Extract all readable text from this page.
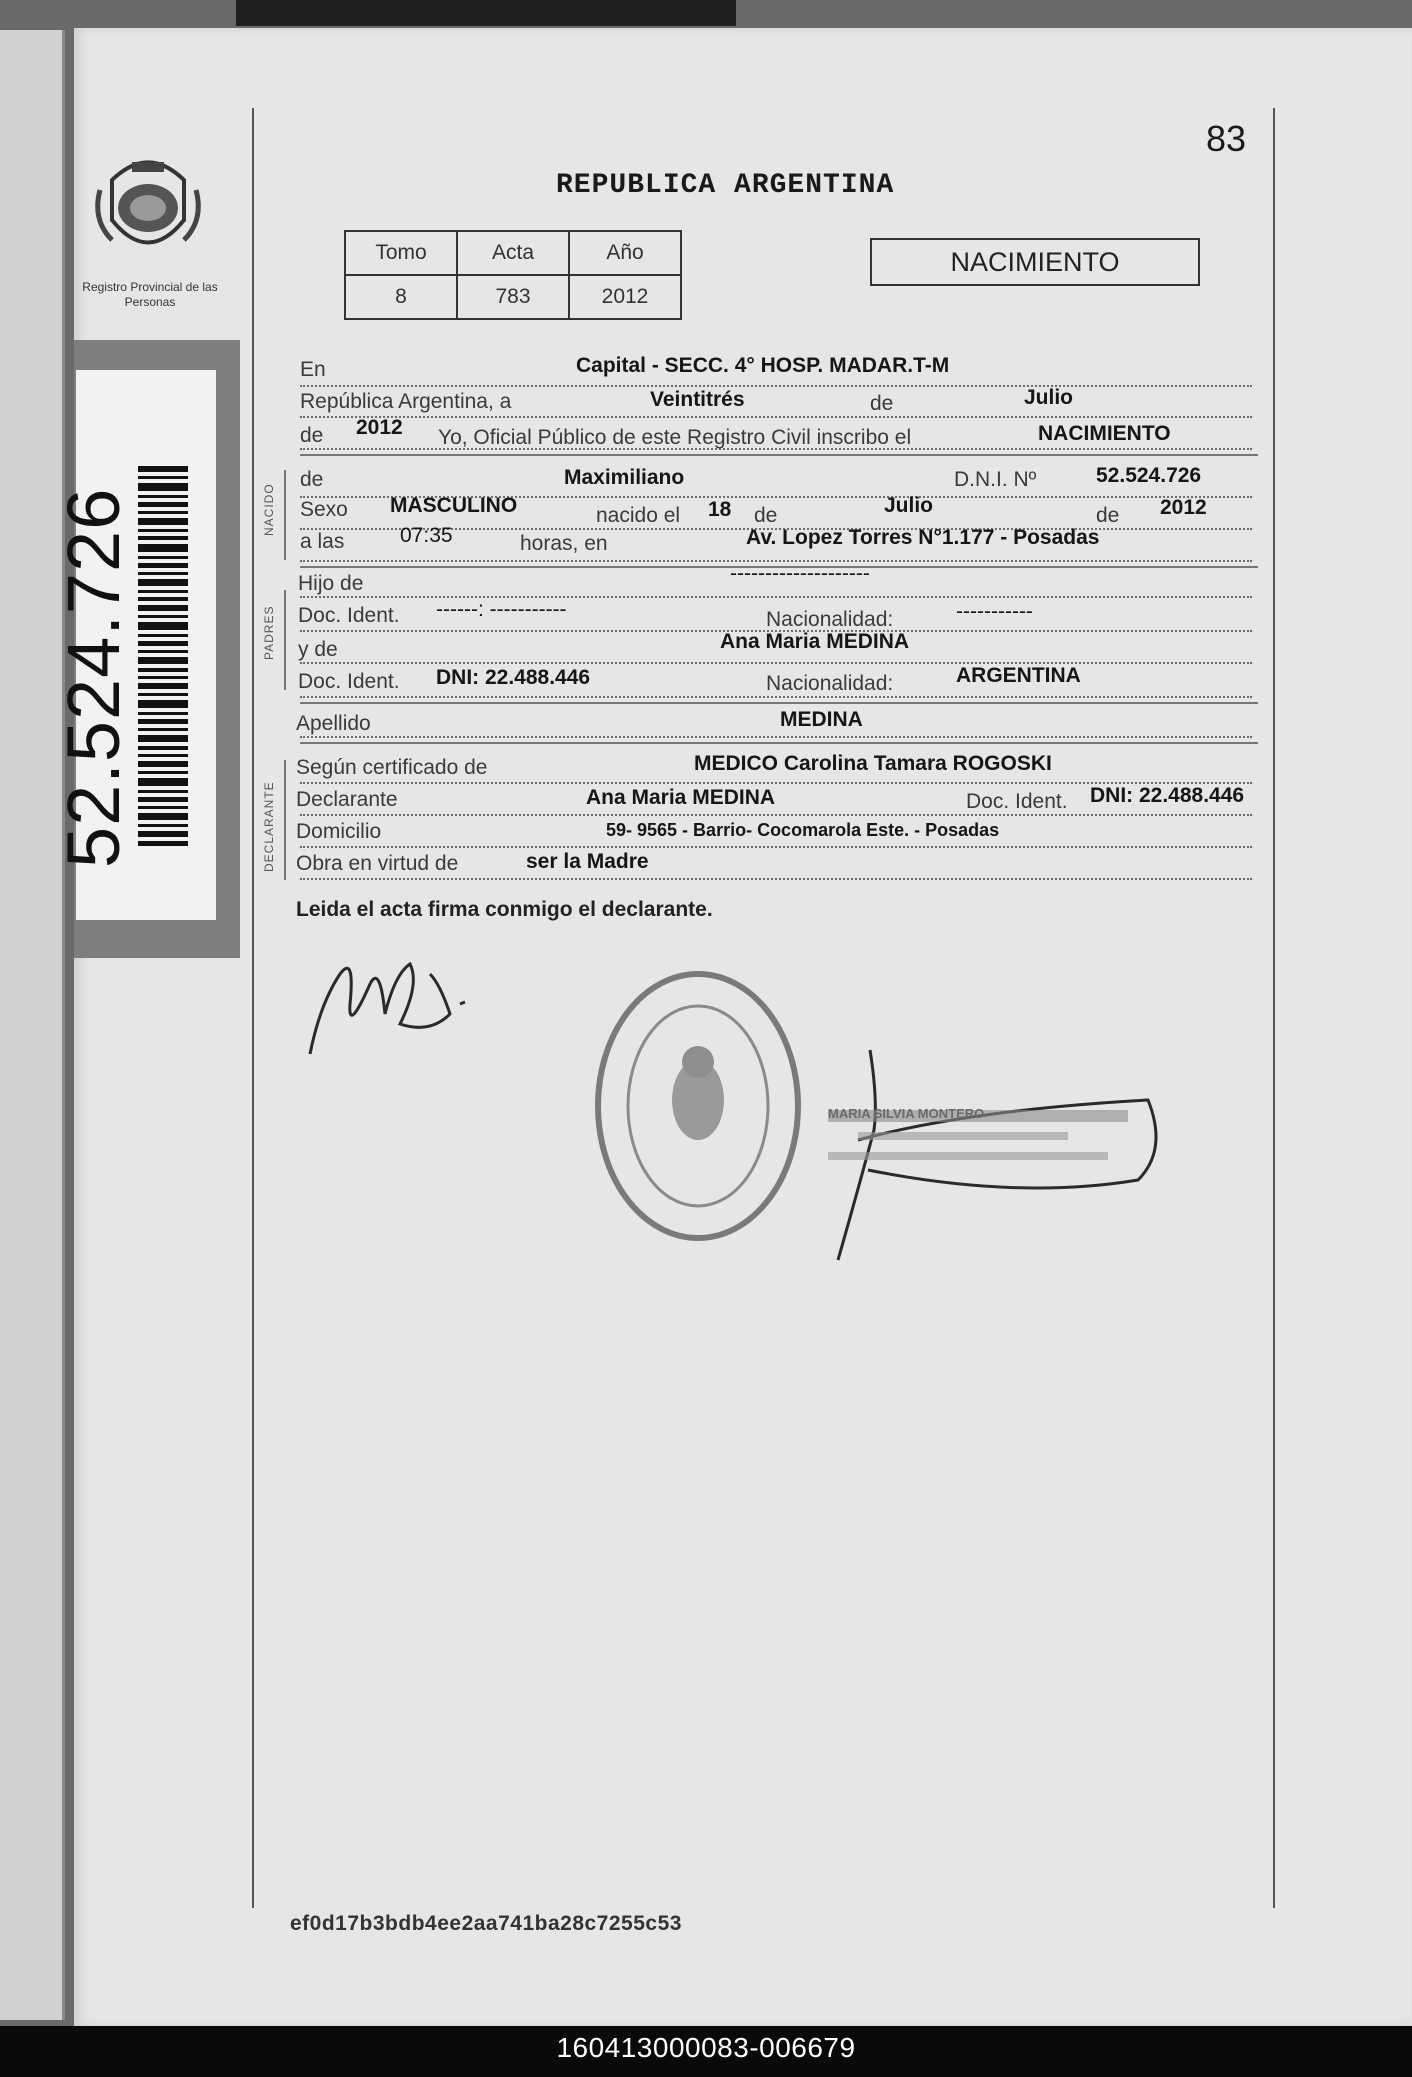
Registro Provincial de las Personas
52.524.726
83
REPUBLICA ARGENTINA
Tomo	Acta	Año
8	783	2012
NACIMIENTO
En	Capital - SECC. 4° HOSP. MADAR.T-M
República Argentina, a	Veintitrés	de	Julio
de 2012 Yo, Oficial Público de este Registro Civil inscribo el	NACIMIENTO
NACIDO
de	Maximiliano	D.N.I. Nº	52.524.726
Sexo MASCULINO	nacido el 18 de	Julio	de 2012
a las	07:35	horas, en	Av. Lopez Torres N°1.177 - Posadas
PADRES
Hijo de	--------------------
Doc. Ident. ------: -----------	Nacionalidad:	-----------
y de	Ana Maria MEDINA
Doc. Ident. DNI: 22.488.446	Nacionalidad:	ARGENTINA
Apellido	MEDINA
DECLARANTE
Según certificado de	MEDICO Carolina Tamara ROGOSKI
Declarante	Ana Maria MEDINA	Doc. Ident. DNI: 22.488.446
Domicilio	59- 9565 - Barrio- Cocomarola Este. - Posadas
Obra en virtud de	ser la Madre
Leida el acta firma conmigo el declarante.
MARIA SILVIA MONTERO
ef0d17b3bdb4ee2aa741ba28c7255c53
160413000083-006679
